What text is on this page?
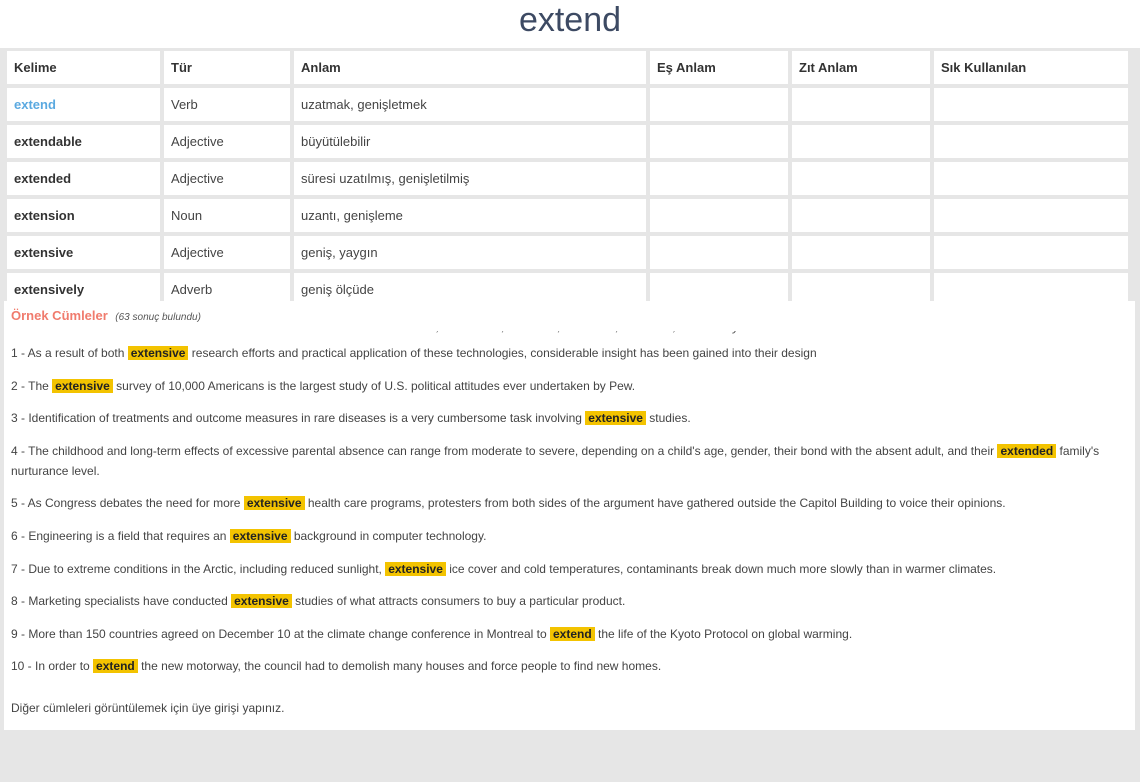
extend
Kelime	Tür	Anlam	Eş Anlam	Zıt Anlam	Sık Kullanılan
extend	Verb	uzatmak, genişletmek			
extendable	Adjective	büyütülebilir			
extended	Adjective	süresi uzatılmış, genişletilmiş			
extension	Noun	uzantı, genişleme			
extensive	Adjective	geniş, yaygın			
extensively	Adverb	geniş ölçüde			
Örnek Cümleler (63 sonuç bulundu)
1 - As a result of both extensive research efforts and practical application of these technologies, considerable insight has been gained into their design
2 - The extensive survey of 10,000 Americans is the largest study of U.S. political attitudes ever undertaken by Pew.
3 - Identification of treatments and outcome measures in rare diseases is a very cumbersome task involving extensive studies.
4 - The childhood and long-term effects of excessive parental absence can range from moderate to severe, depending on a child's age, gender, their bond with the absent adult, and their extended family's nurturance level.
5 - As Congress debates the need for more extensive health care programs, protesters from both sides of the argument have gathered outside the Capitol Building to voice their opinions.
6 - Engineering is a field that requires an extensive background in computer technology.
7 - Due to extreme conditions in the Arctic, including reduced sunlight, extensive ice cover and cold temperatures, contaminants break down much more slowly than in warmer climates.
8 - Marketing specialists have conducted extensive studies of what attracts consumers to buy a particular product.
9 - More than 150 countries agreed on December 10 at the climate change conference in Montreal to extend the life of the Kyoto Protocol on global warming.
10 - In order to extend the new motorway, the council had to demolish many houses and force people to find new homes.
Diğer cümleleri görüntülemek için üye girişi yapınız.
